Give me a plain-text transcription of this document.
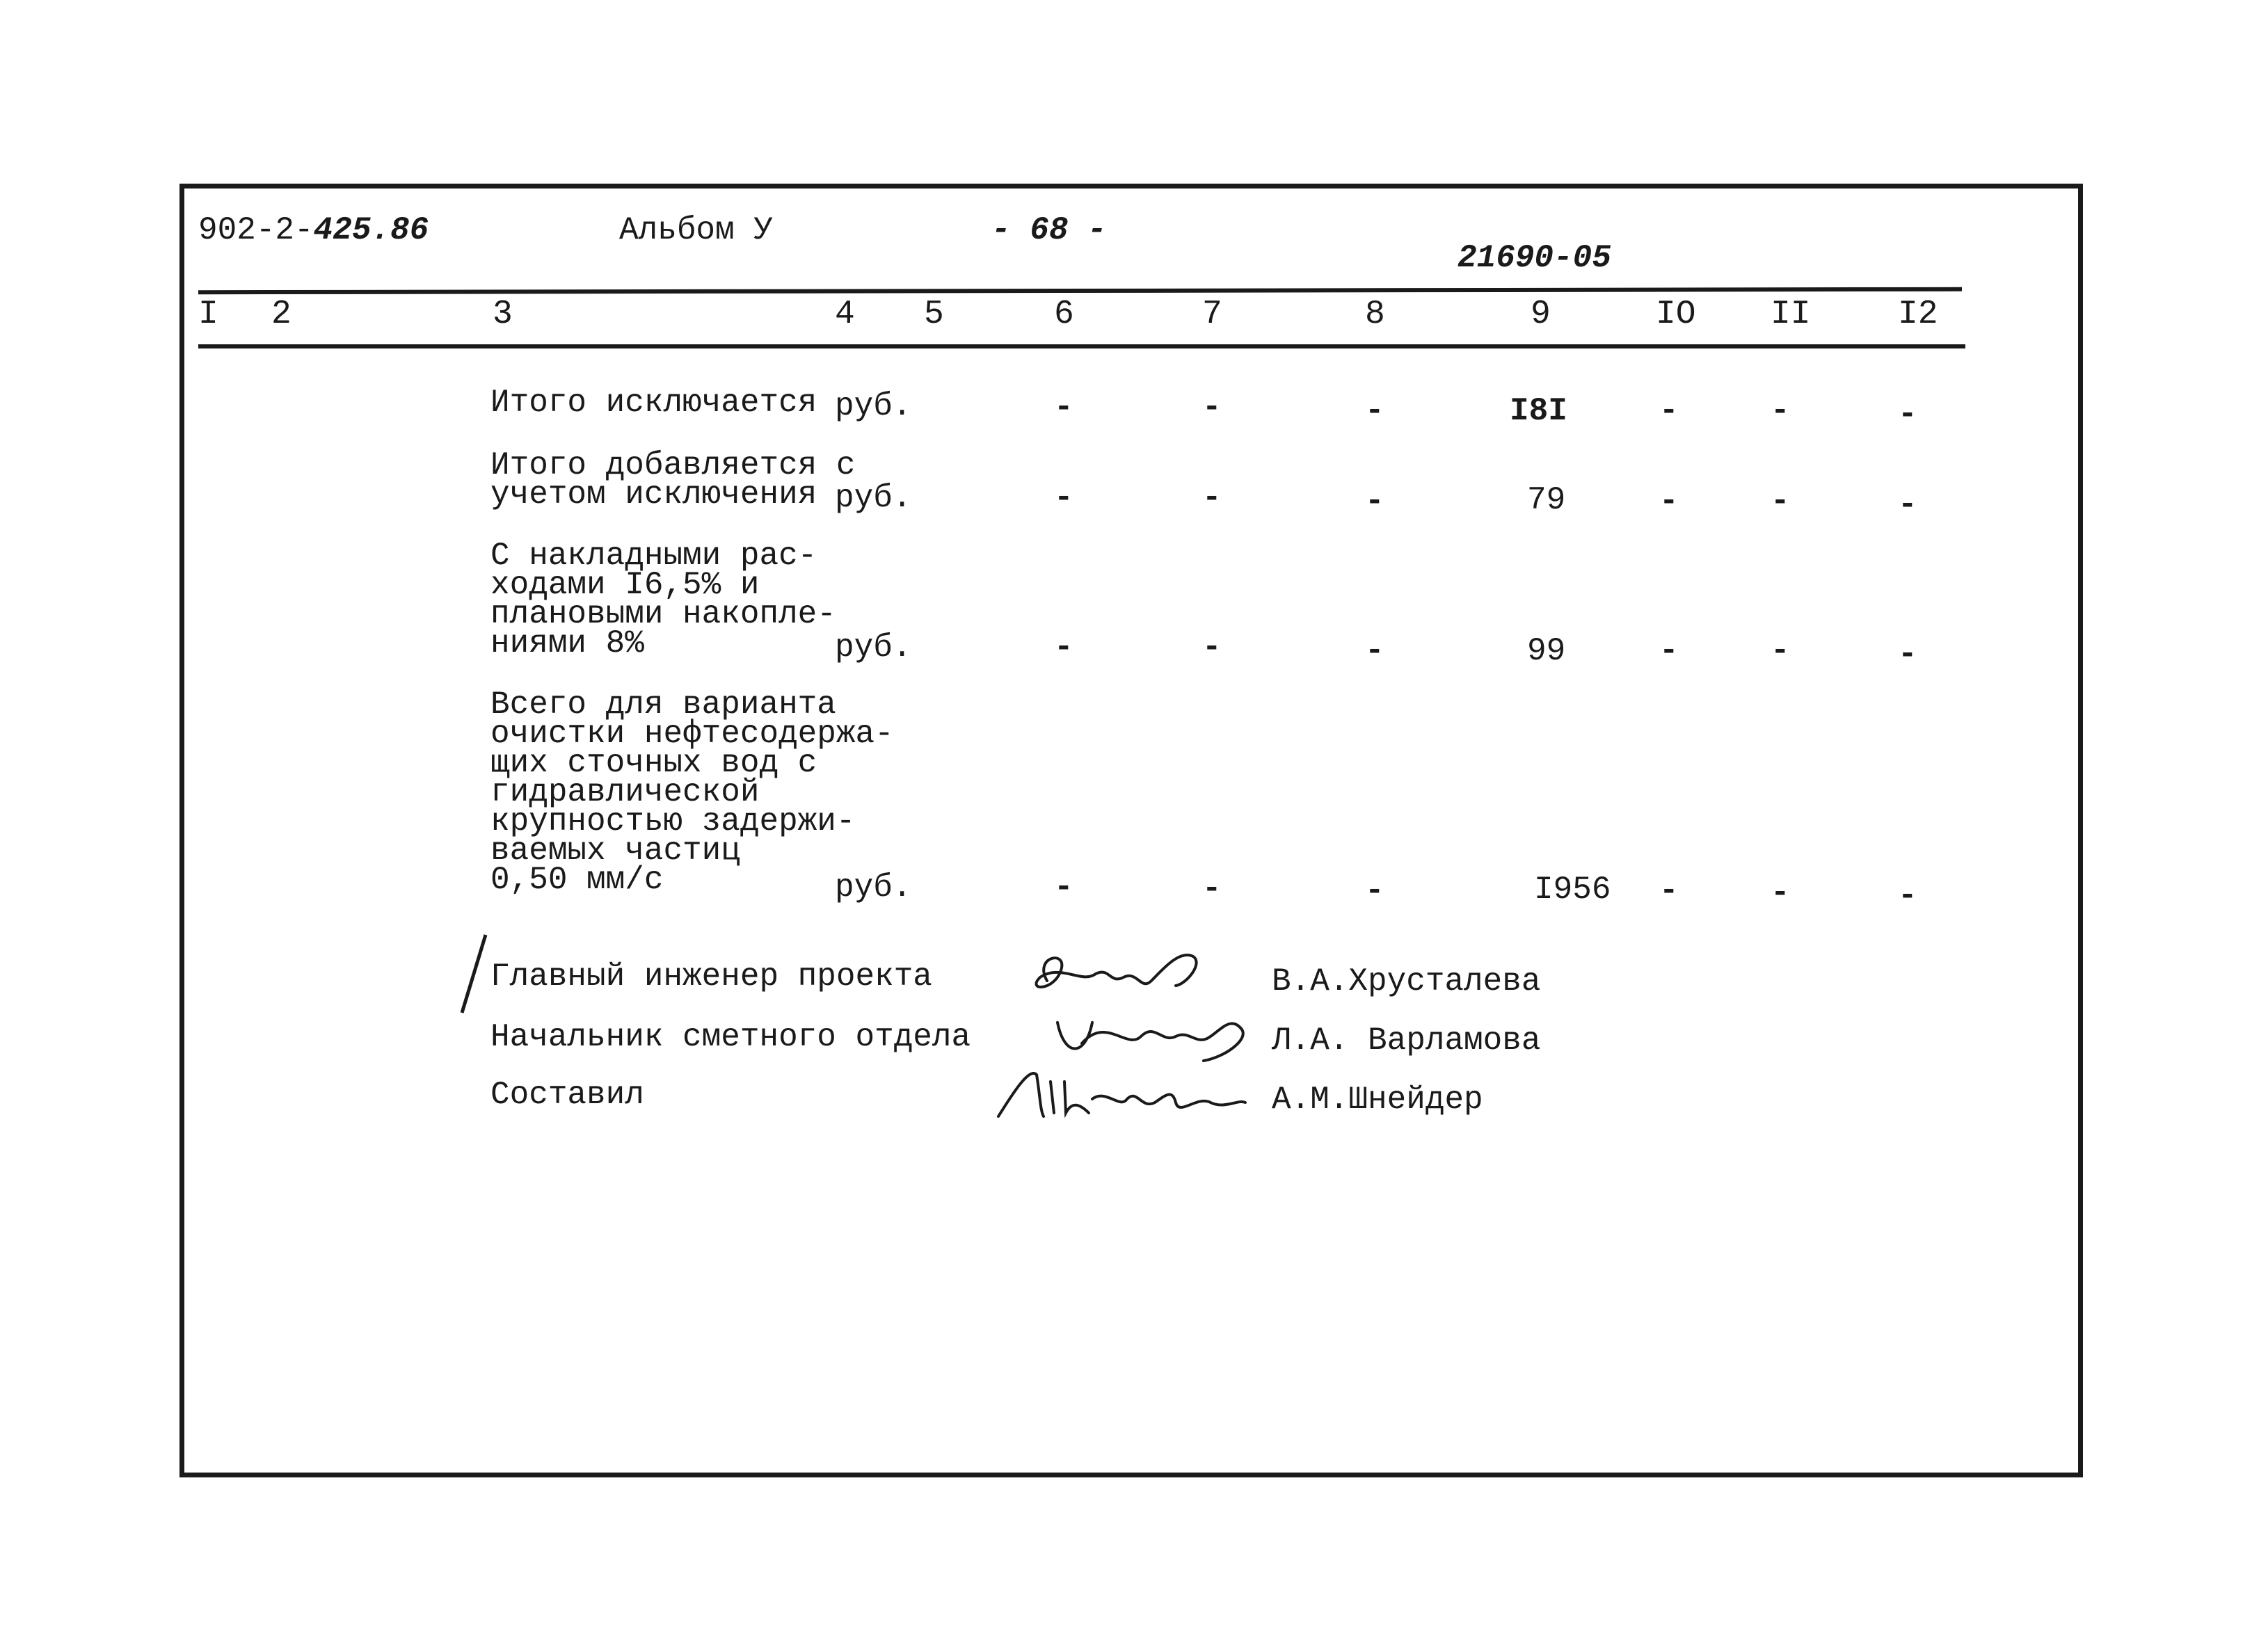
902-2-425.86	Альбом У	- 68 -
21690-05
I 2	3	4 5	6	7	8	9	IO II	I2
Итого исключается руб.	-	-	-	I8I	-	-	-
Итого добавляется с
учетом исключения руб.	-	-	-	79	-	-	-
С накладными рас-
ходами I6,5% и
плановыми накопле-
ниями 8%	руб.	-	-	-	99	-	-	-
Всего для варианта
очистки нефтесодержа-
щих сточных вод с
гидравлической
крупностью задержи-
ваемых частиц
0,50 мм/с	руб.	-	-	-	I956 -	-	-
Главный инженер проекта
Начальник сметного отдела
Составил
В.А.Хрусталева
Л.А. Варламова
А.М.Шнейдер
